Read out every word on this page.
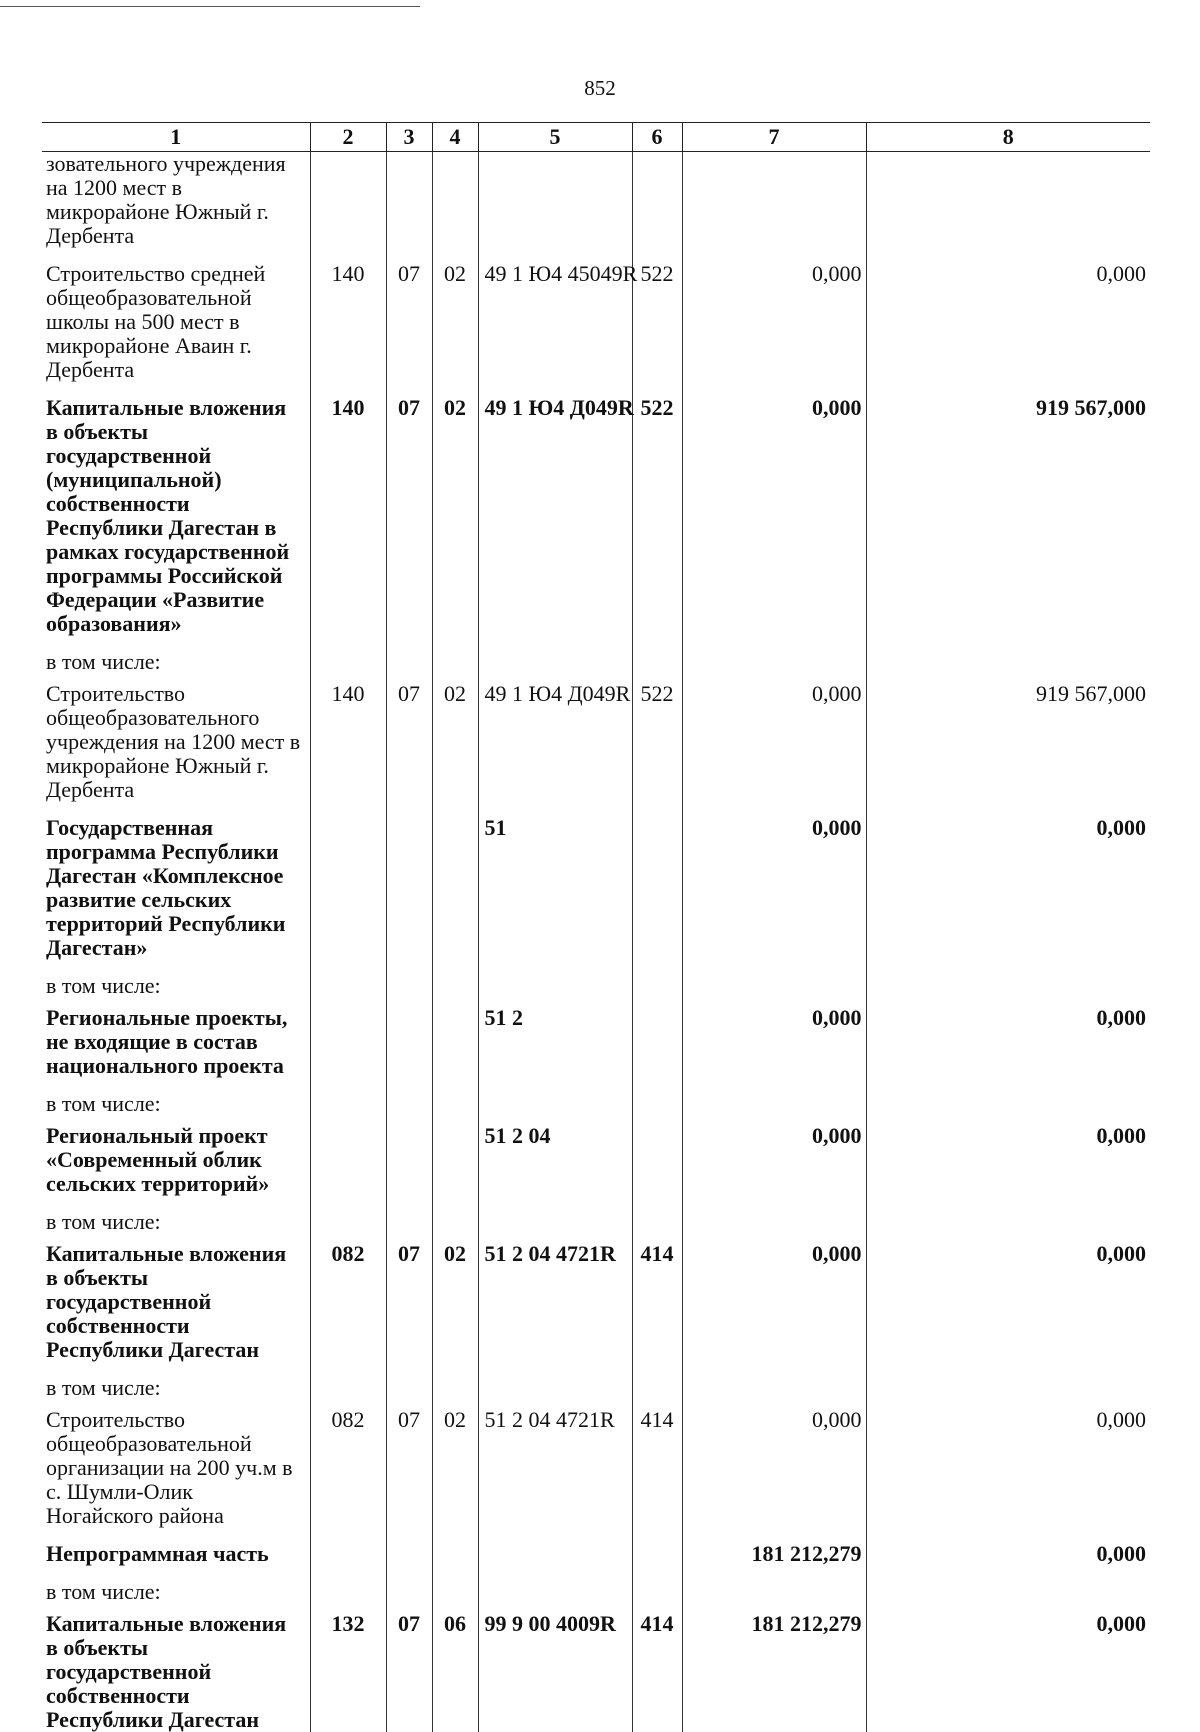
852
1	2	3	4	5	6	7	8
зовательного учреждения на 1200 мест в микрорайоне Южный г. Дербента							
Строительство средней общеобразовательной школы на 500 мест в микрорайоне Аваин г. Дербента	140	07	02	49 1 Ю4 45049R	522	0,000	0,000
Капитальные вложения в объекты государственной (муниципальной) собственности Республики Дагестан в рамках государственной программы Российской Федерации «Развитие образования»	140	07	02	49 1 Ю4 Д049R	522	0,000	919 567,000
в том числе:							
Строительство общеобразовательного учреждения на 1200 мест в микрорайоне Южный г. Дербента	140	07	02	49 1 Ю4 Д049R	522	0,000	919 567,000
Государственная программа Республики Дагестан «Комплексное развитие сельских территорий Республики Дагестан»				51		0,000	0,000
в том числе:							
Региональные проекты, не входящие в состав национального проекта				51 2		0,000	0,000
в том числе:							
Региональный проект «Современный облик сельских территорий»				51 2 04		0,000	0,000
в том числе:							
Капитальные вложения в объекты государственной собственности Республики Дагестан	082	07	02	51 2 04 4721R	414	0,000	0,000
в том числе:							
Строительство общеобразовательной организации на 200 уч.м в с. Шумли-Олик Ногайского района	082	07	02	51 2 04 4721R	414	0,000	0,000
Непрограммная часть						181 212,279	0,000
в том числе:							
Капитальные вложения в объекты государственной собственности Республики Дагестан	132	07	06	99 9 00 4009R	414	181 212,279	0,000
